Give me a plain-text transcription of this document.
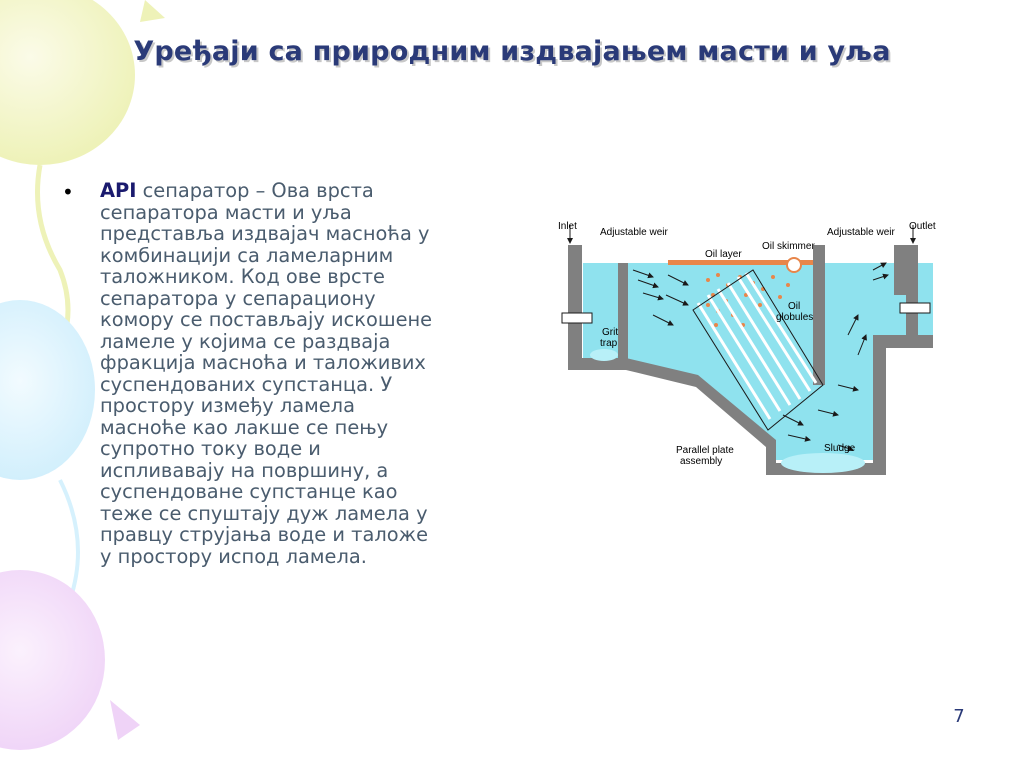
Уређаји са природним издвајањем масти и уља
• API сепаратор – Ова врста
сепаратора масти и уља
представља издвајач масноћа у
комбинацији са ламеларним
таложником. Код ове врсте
сепаратора у сепарациону
комору се постављају искошене
ламеле у којима се раздваја
фракција масноћа и таложивих
суспендованих супстанца. У
простору између ламела
масноће као лакше се пењу
супротно току воде и
испливавају на површину, а
суспендоване супстанце као
теже се спуштају дуж ламела у
правцу струјања воде и таложе
у простору испод ламела.
Inlet
Adjustable weir
Oil layer
Oil skimmer
Adjustable weir
Outlet
Grit
trap
Oil
globules
Parallel plate
assembly
Sludge
7
